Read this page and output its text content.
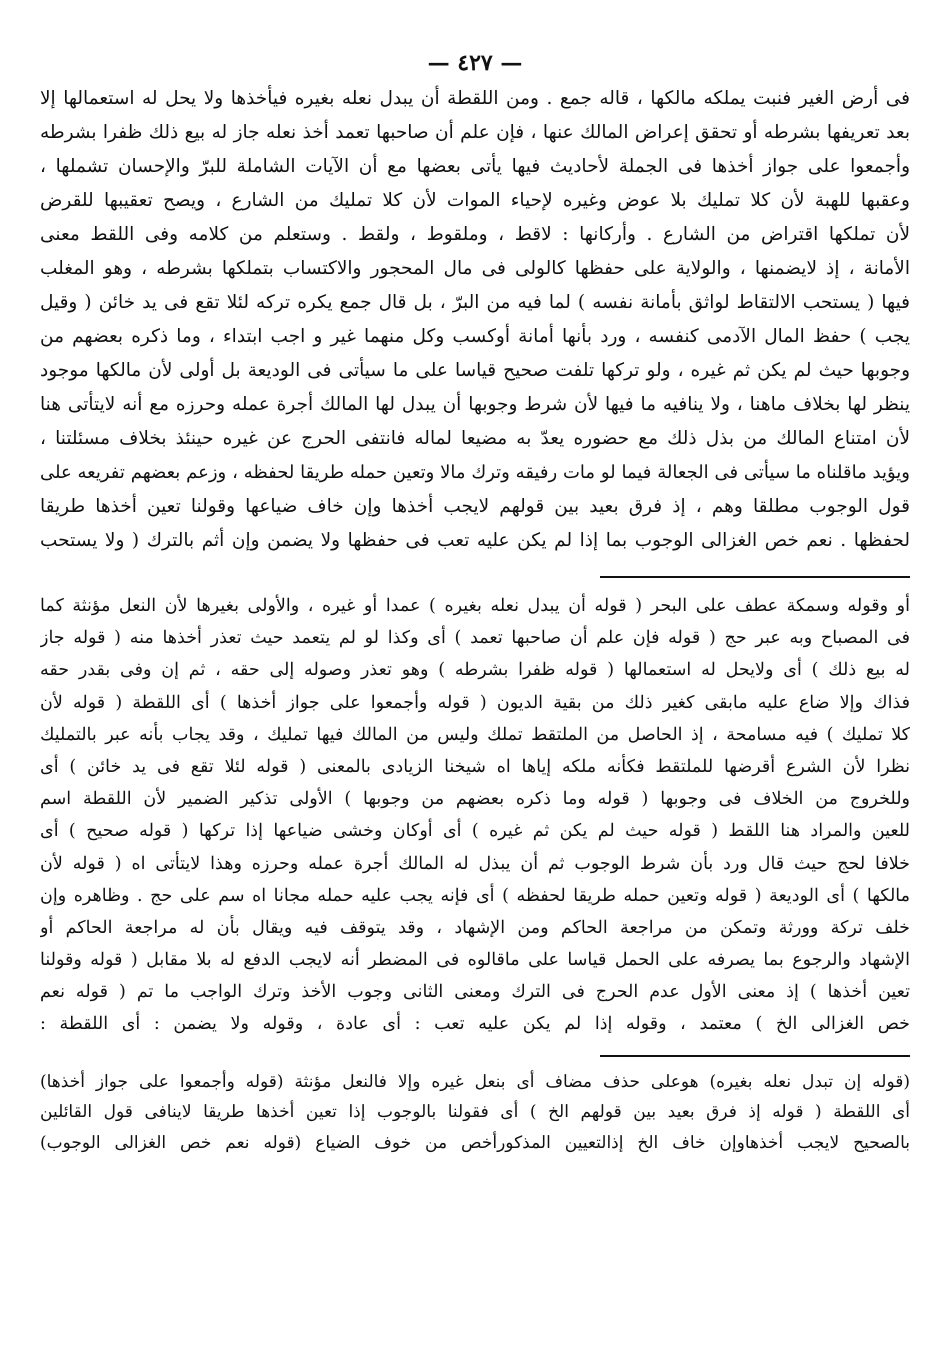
— ٤٢٧ —
فى أرض الغير فنبت يملكه مالكها ، قاله جمع . ومن اللقطة أن يبدل نعله بغيره فيأخذها ولا يحل له استعمالها إلا
بعد تعريفها بشرطه أو تحقق إعراض المالك عنها ، فإن علم أن صاحبها تعمد أخذ نعله جاز له بيع ذلك ظفرا بشرطه
وأجمعوا على جواز أخذها فى الجملة لأحاديث فيها يأتى بعضها مع أن الآيات الشاملة للبرّ والإحسان تشملها ،
وعقبها للهبة لأن كلا تمليك بلا عوض وغيره لإحياء الموات لأن كلا تمليك من الشارع ، ويصح تعقيبها للقرض
لأن تملكها اقتراض من الشارع . وأركانها : لاقط ، وملقوط ، ولقط . وستعلم من كلامه وفى اللقط معنى
الأمانة ، إذ لايضمنها ، والولاية على حفظها كالولى فى مال المحجور والاكتساب بتملكها بشرطه ، وهو المغلب
فيها ( يستحب الالتقاط لواثق بأمانة نفسه ) لما فيه من البرّ ، بل قال جمع يكره تركه لئلا تقع فى يد خائن ( وقيل
يجب ) حفظ المال الآدمى كنفسه ، ورد بأنها أمانة أوكسب وكل منهما غير و اجب ابتداء ، وما ذكره بعضهم من
وجوبها حيث لم يكن ثم غيره ، ولو تركها تلفت صحيح قياسا على ما سيأتى فى الوديعة بل أولى لأن مالكها موجود
ينظر لها بخلاف ماهنا ، ولا ينافيه ما فيها لأن شرط وجوبها أن يبدل لها المالك أجرة عمله وحرزه مع أنه لايتأتى هنا
لأن امتناع المالك من بذل ذلك مع حضوره يعدّ به مضيعا لماله فانتفى الحرج عن غيره حينئذ بخلاف مسئلتنا ،
ويؤيد ماقلناه ما سيأتى فى الجعالة فيما لو مات رفيقه وترك مالا وتعين حمله طريقا لحفظه ، وزعم بعضهم تفريعه على
قول الوجوب مطلقا وهم ، إذ فرق بعيد بين قولهم لايجب أخذها وإن خاف ضياعها وقولنا تعين أخذها طريقا
لحفظها . نعم خص الغزالى الوجوب بما إذا لم يكن عليه تعب فى حفظها ولا يضمن وإن أثم بالترك ( ولا يستحب
أو وقوله وسمكة عطف على البحر ( قوله أن يبدل نعله بغيره ) عمدا أو غيره ، والأولى بغيرها لأن النعل مؤنثة كما
فى المصباح وبه عبر حج ( قوله فإن علم أن صاحبها تعمد ) أى وكذا لو لم يتعمد حيث تعذر أخذها منه ( قوله جاز
له بيع ذلك ) أى ولايحل له استعمالها ( قوله ظفرا بشرطه ) وهو تعذر وصوله إلى حقه ، ثم إن وفى بقدر حقه
فذاك وإلا ضاع عليه مابقى كغير ذلك من بقية الديون ( قوله وأجمعوا على جواز أخذها ) أى اللقطة ( قوله لأن
كلا تمليك ) فيه مسامحة ، إذ الحاصل من الملتقط تملك وليس من المالك فيها تمليك ، وقد يجاب بأنه عبر بالتمليك
نظرا لأن الشرع أقرضها للملتقط فكأنه ملكه إياها اه شيخنا الزيادى بالمعنى ( قوله لئلا تقع فى يد خائن ) أى
وللخروج من الخلاف فى وجوبها ( قوله وما ذكره بعضهم من وجوبها ) الأولى تذكير الضمير لأن اللقطة اسم
للعين والمراد هنا اللقط ( قوله حيث لم يكن ثم غيره ) أى أوكان وخشى ضياعها إذا تركها ( قوله صحيح ) أى
خلافا لحج حيث قال ورد بأن شرط الوجوب ثم أن يبذل له المالك أجرة عمله وحرزه وهذا لايتأتى اه ( قوله لأن
مالكها ) أى الوديعة ( قوله وتعين حمله طريقا لحفظه ) أى فإنه يجب عليه حمله مجانا اه سم على حج . وظاهره وإن
خلف تركة وورثة وتمكن من مراجعة الحاكم ومن الإشهاد ، وقد يتوقف فيه ويقال بأن له مراجعة الحاكم أو
الإشهاد والرجوع بما يصرفه على الحمل قياسا على ماقالوه فى المضطر أنه لايجب الدفع له بلا مقابل ( قوله وقولنا
تعين أخذها ) إذ معنى الأول عدم الحرج فى الترك ومعنى الثانى وجوب الأخذ وترك الواجب ما تم ( قوله نعم
خص الغزالى الخ ) معتمد ، وقوله إذا لم يكن عليه تعب : أى عادة ، وقوله ولا يضمن : أى اللقطة :
(قوله إن تبدل نعله بغيره) هوعلى حذف مضاف أى بنعل غيره وإلا فالنعل مؤنثة (قوله وأجمعوا على جواز أخذها)
أى اللقطة ( قوله إذ فرق بعيد بين قولهم الخ ) أى فقولنا بالوجوب إذا تعين أخذها طريقا لاينافى قول القائلين
بالصحيح لايجب أخذهاوإن خاف الخ إذالتعيين المذكورأخص من خوف الضياع (قوله نعم خص الغزالى الوجوب)
